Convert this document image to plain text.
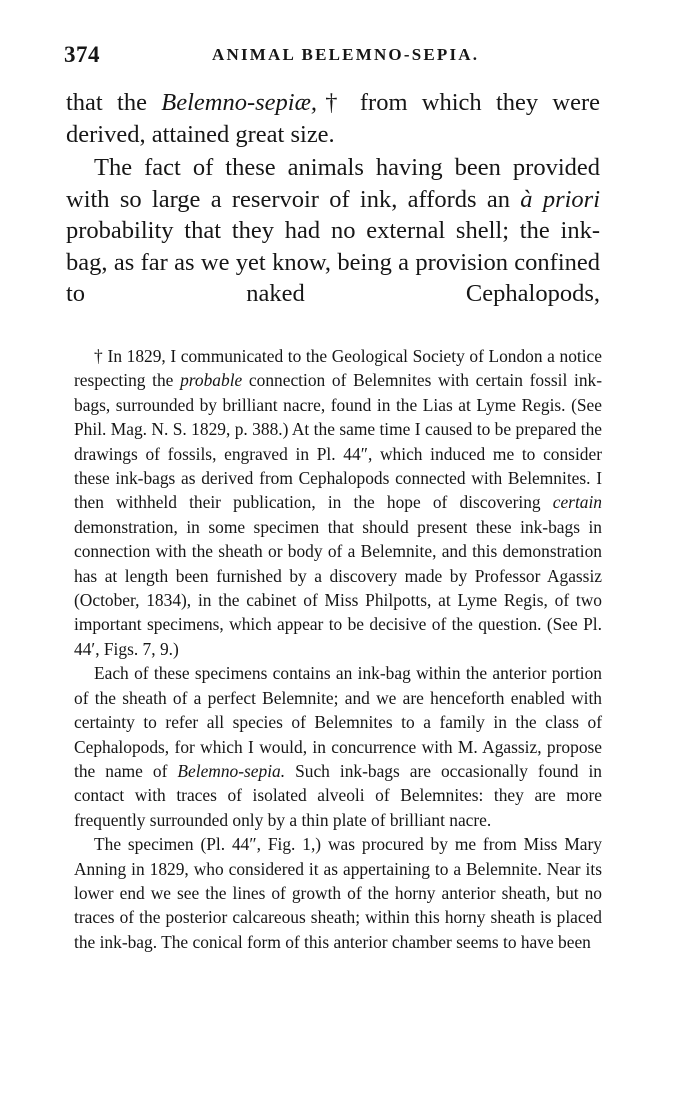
374	ANIMAL BELEMNO-SEPIA.

that the Belemno-sepiæ,† from which they were derived, attained great size.

The fact of these animals having been provided with so large a reservoir of ink, affords an à priori probability that they had no external shell; the ink-bag, as far as we yet know, being a provision confined to naked Cephalopods,

† In 1829, I communicated to the Geological Society of London a notice respecting the probable connection of Belemnites with certain fossil ink-bags, surrounded by brilliant nacre, found in the Lias at Lyme Regis. (See Phil. Mag. N. S. 1829, p. 388.) At the same time I caused to be prepared the drawings of fossils, engraved in Pl. 44″, which induced me to consider these ink-bags as derived from Cephalopods connected with Belemnites. I then withheld their publication, in the hope of discovering certain demonstration, in some specimen that should present these ink-bags in connection with the sheath or body of a Belemnite, and this demonstration has at length been furnished by a discovery made by Professor Agassiz (October, 1834), in the cabinet of Miss Philpotts, at Lyme Regis, of two important specimens, which appear to be decisive of the question. (See Pl. 44′, Figs. 7, 9.)

Each of these specimens contains an ink-bag within the anterior portion of the sheath of a perfect Belemnite; and we are henceforth enabled with certainty to refer all species of Belemnites to a family in the class of Cephalopods, for which I would, in concurrence with M. Agassiz, propose the name of Belemno-sepia. Such ink-bags are occasionally found in contact with traces of isolated alveoli of Belemnites: they are more frequently surrounded only by a thin plate of brilliant nacre.

The specimen (Pl. 44″, Fig. 1,) was procured by me from Miss Mary Anning in 1829, who considered it as appertaining to a Belemnite. Near its lower end we see the lines of growth of the horny anterior sheath, but no traces of the posterior calcareous sheath; within this horny sheath is placed the ink-bag. The conical form of this anterior chamber seems to have been
